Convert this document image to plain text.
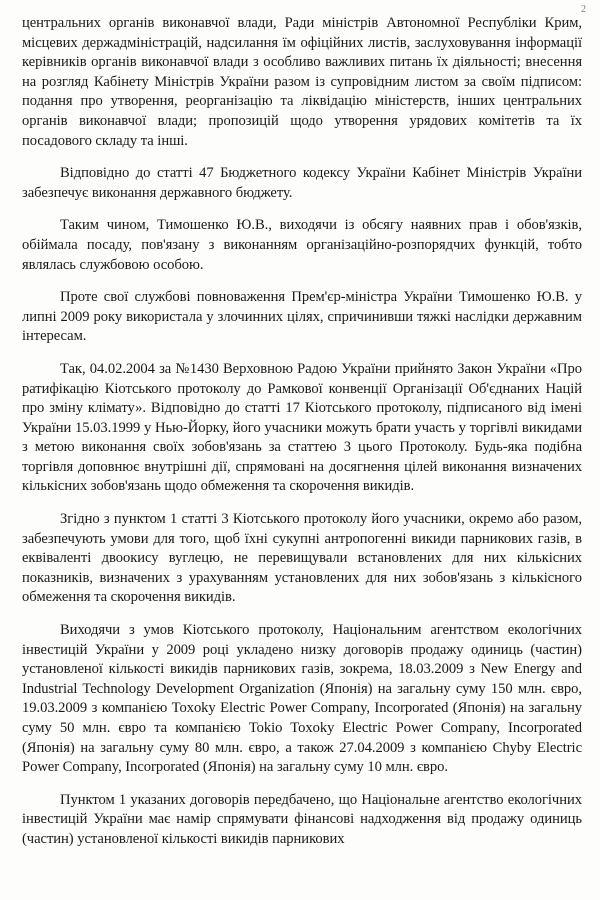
2

центральних органів виконавчої влади, Ради міністрів Автономної Республіки Крим, місцевих держадміністрацій, надсилання їм офіційних листів, заслуховування інформації керівників органів виконавчої влади з особливо важливих питань їх діяльності; внесення на розгляд Кабінету Міністрів України разом із супровідним листом за своїм підписом: подання про утворення, реорганізацію та ліквідацію міністерств, інших центральних органів виконавчої влади; пропозицій щодо утворення урядових комітетів та їх посадового складу та інші.

Відповідно до статті 47 Бюджетного кодексу України Кабінет Міністрів України забезпечує виконання державного бюджету.

Таким чином, Тимошенко Ю.В., виходячи із обсягу наявних прав і обов'язків, обіймала посаду, пов'язану з виконанням організаційно-розпорядчих функцій, тобто являлась службовою особою.

Проте свої службові повноваження Прем'єр-міністра України Тимошенко Ю.В. у липні 2009 року використала у злочинних цілях, спричинивши тяжкі наслідки державним інтересам.

Так, 04.02.2004 за №1430 Верховною Радою України прийнято Закон України «Про ратифікацію Кіотського протоколу до Рамкової конвенції Організації Об'єднаних Націй про зміну клімату». Відповідно до статті 17 Кіотського протоколу, підписаного від імені України 15.03.1999 у Нью-Йорку, його учасники можуть брати участь у торгівлі викидами з метою виконання своїх зобов'язань за статтею 3 цього Протоколу. Будь-яка подібна торгівля доповнює внутрішні дії, спрямовані на досягнення цілей виконання визначених кількісних зобов'язань щодо обмеження та скорочення викидів.

Згідно з пунктом 1 статті 3 Кіотського протоколу його учасники, окремо або разом, забезпечують умови для того, щоб їхні сукупні антропогенні викиди парникових газів, в еквіваленті двоокису вуглецю, не перевищували встановлених для них кількісних показників, визначених з урахуванням установлених для них зобов'язань з кількісного обмеження та скорочення викидів.

Виходячи з умов Кіотського протоколу, Національним агентством екологічних інвестицій України у 2009 році укладено низку договорів продажу одиниць (частин) установленої кількості викидів парникових газів, зокрема, 18.03.2009 з New Energy and Industrial Technology Development Organization (Японія) на загальну суму 150 млн. євро, 19.03.2009 з компанією Toxoky Electric Power Company, Incorporated (Японія) на загальну суму 50 млн. євро та компанією Tokio Toxoky Electric Power Company, Incorporated (Японія) на загальну суму 80 млн. євро, а також 27.04.2009 з компанією Chyby Electric Power Company, Incorporated (Японія) на загальну суму 10 млн. євро.

Пунктом 1 указаних договорів передбачено, що Національне агентство екологічних інвестицій України має намір спрямувати фінансові надходження від продажу одиниць (частин) установленої кількості викидів парникових
